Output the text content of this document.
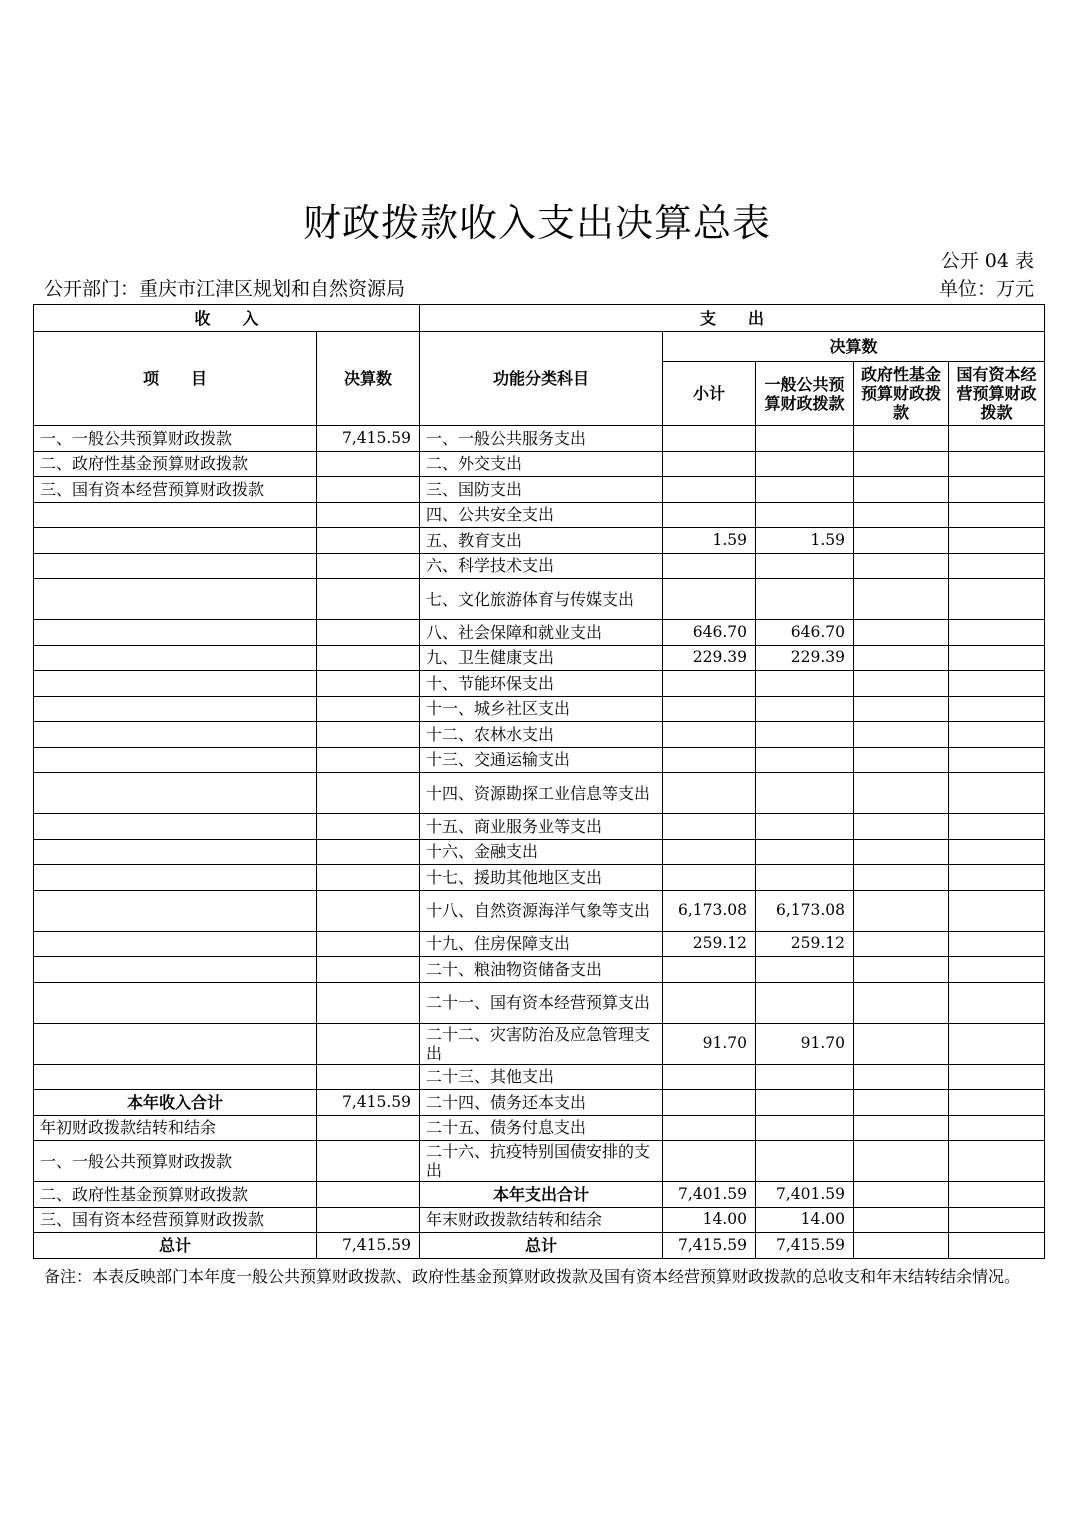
财政拨款收入支出决算总表
公开 04 表
公开部门：重庆市江津区规划和自然资源局	单位：万元
收　　入		支　　出				
项　　目	决算数	功能分类科目	决算数			
			小计	一般公共预算财政拨款	政府性基金预算财政拨款	国有资本经营预算财政拨款
一、一般公共预算财政拨款	7,415.59	一、一般公共服务支出				
二、政府性基金预算财政拨款		二、外交支出				
三、国有资本经营预算财政拨款		三、国防支出				
		四、公共安全支出				
		五、教育支出	1.59	1.59		
		六、科学技术支出				
		七、文化旅游体育与传媒支出				
		八、社会保障和就业支出	646.70	646.70		
		九、卫生健康支出	229.39	229.39		
		十、节能环保支出				
		十一、城乡社区支出				
		十二、农林水支出				
		十三、交通运输支出				
		十四、资源勘探工业信息等支出				
		十五、商业服务业等支出				
		十六、金融支出				
		十七、援助其他地区支出				
		十八、自然资源海洋气象等支出	6,173.08	6,173.08		
		十九、住房保障支出	259.12	259.12		
		二十、粮油物资储备支出				
		二十一、国有资本经营预算支出				
		二十二、灾害防治及应急管理支出	91.70	91.70		
		二十三、其他支出				
本年收入合计	7,415.59	二十四、债务还本支出				
年初财政拨款结转和结余		二十五、债务付息支出				
一、一般公共预算财政拨款		二十六、抗疫特别国债安排的支出				
二、政府性基金预算财政拨款		本年支出合计	7,401.59	7,401.59		
三、国有资本经营预算财政拨款		年末财政拨款结转和结余	14.00	14.00		
总计	7,415.59	总计	7,415.59	7,415.59		
备注：本表反映部门本年度一般公共预算财政拨款、政府性基金预算财政拨款及国有资本经营预算财政拨款的总收支和年末结转结余情况。
